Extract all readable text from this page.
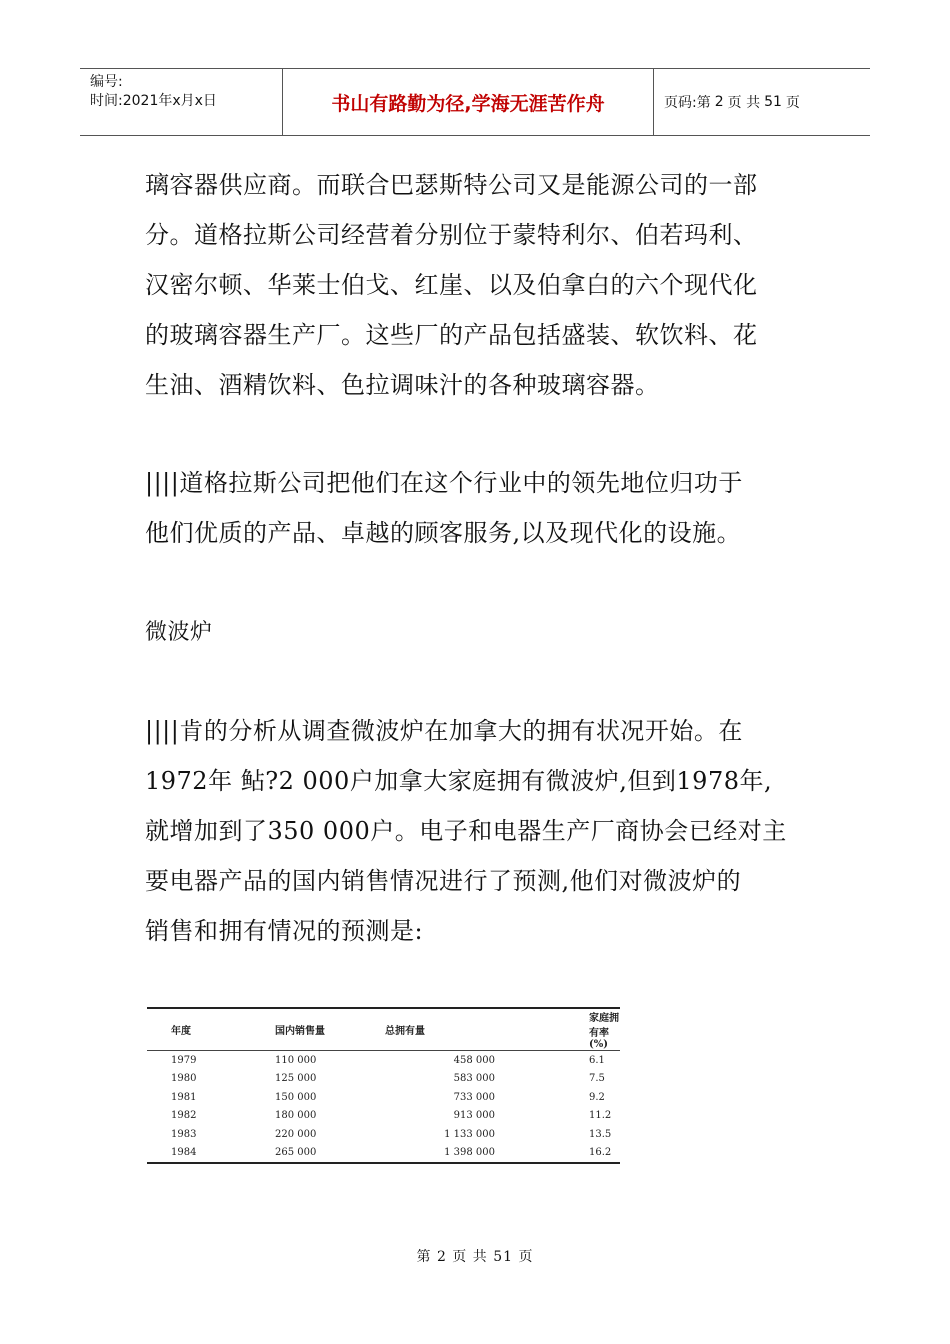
编号:
时间:2021年x月x日	书山有路勤为径,学海无涯苦作舟	页码:第 2 页 共 51 页

璃容器供应商。而联合巴瑟斯特公司又是能源公司的一部

分。道格拉斯公司经营着分别位于蒙特利尔、伯若玛利、

汉密尔顿、华莱士伯戈、红崖、以及伯拿白的六个现代化

的玻璃容器生产厂。这些厂的产品包括盛装、软饮料、花

生油、酒精饮料、色拉调味汁的各种玻璃容器。

||||道格拉斯公司把他们在这个行业中的领先地位归功于

他们优质的产品、卓越的顾客服务,以及现代化的设施。

微波炉

||||肯的分析从调查微波炉在加拿大的拥有状况开始。在

1972年 鲇?2 000户加拿大家庭拥有微波炉,但到1978年,

就增加到了350 000户。电子和电器生产厂商协会已经对主

要电器产品的国内销售情况进行了预测,他们对微波炉的

销售和拥有情况的预测是:

年度	国内销售量	总拥有量	家庭拥有率(%)
1979	110 000	458 000	6.1
1980	125 000	583 000	7.5
1981	150 000	733 000	9.2
1982	180 000	913 000	11.2
1983	220 000	1 133 000	13.5
1984	265 000	1 398 000	16.2
第 2 页 共 51 页
